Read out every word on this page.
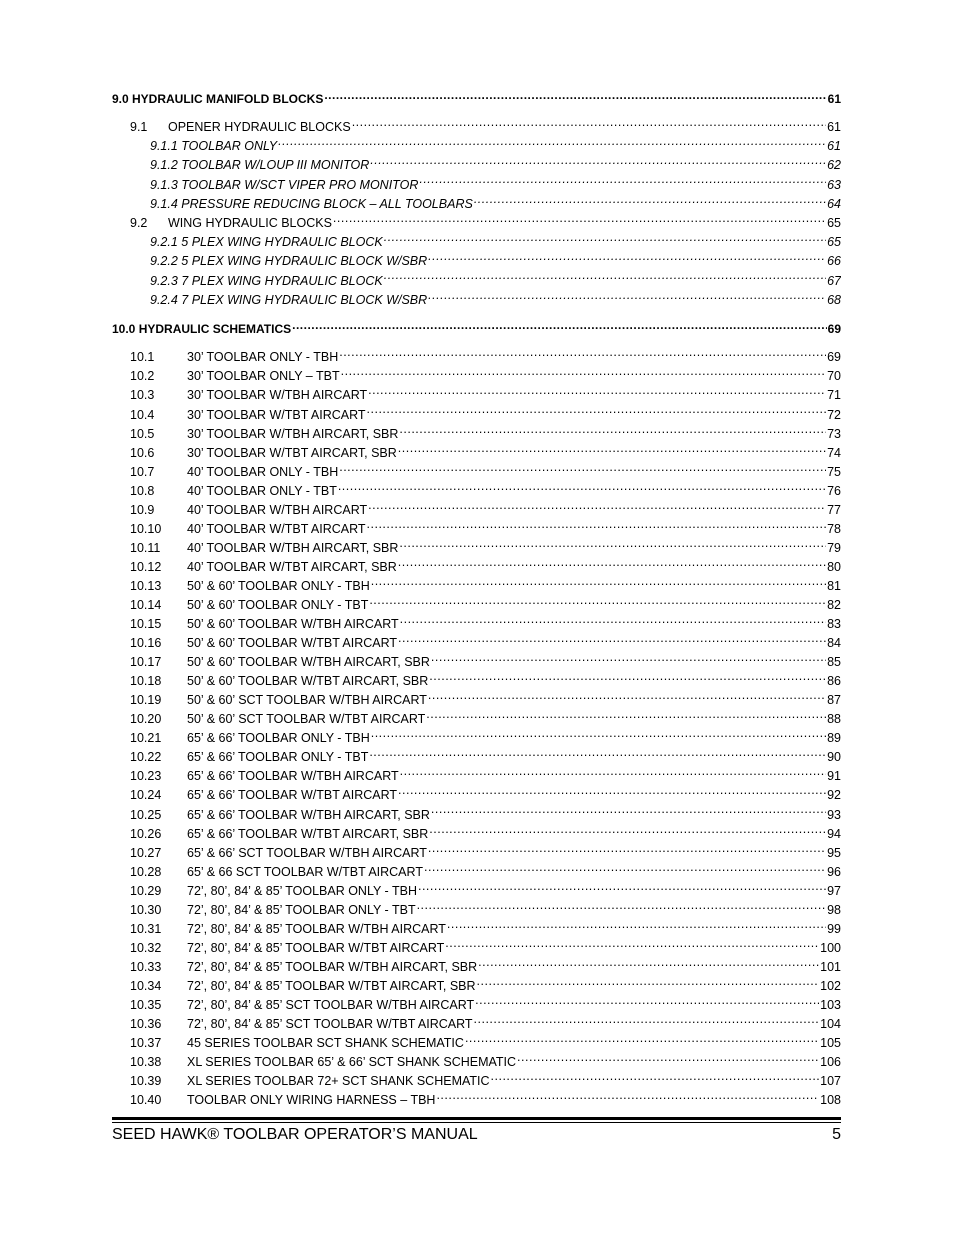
9.0 HYDRAULIC MANIFOLD BLOCKS .....	61
9.1	OPENER HYDRAULIC BLOCKS .....	61
9.1.1 TOOLBAR ONLY .....	61
9.1.2 TOOLBAR W/LOUP III MONITOR .....	62
9.1.3 TOOLBAR W/SCT VIPER PRO MONITOR .....	63
9.1.4 PRESSURE REDUCING BLOCK – ALL TOOLBARS .....	64
9.2	WING HYDRAULIC BLOCKS .....	65
9.2.1 5 PLEX WING HYDRAULIC BLOCK .....	65
9.2.2 5 PLEX WING HYDRAULIC BLOCK W/SBR .....	66
9.2.3 7 PLEX WING HYDRAULIC BLOCK .....	67
9.2.4 7 PLEX WING HYDRAULIC BLOCK W/SBR .....	68
10.0 HYDRAULIC SCHEMATICS .....	69
10.1	30’ TOOLBAR ONLY - TBH .....	69
10.2	30’ TOOLBAR ONLY – TBT .....	70
10.3	30’ TOOLBAR W/TBH AIRCART .....	71
10.4	30’ TOOLBAR W/TBT AIRCART .....	72
10.5	30’ TOOLBAR W/TBH AIRCART, SBR .....	73
10.6	30’ TOOLBAR W/TBT AIRCART, SBR .....	74
10.7	40’ TOOLBAR ONLY - TBH .....	75
10.8	40’ TOOLBAR ONLY - TBT .....	76
10.9	40’ TOOLBAR W/TBH AIRCART .....	77
10.10	40’ TOOLBAR W/TBT AIRCART .....	78
10.11	40’ TOOLBAR W/TBH AIRCART, SBR .....	79
10.12	40’ TOOLBAR W/TBT AIRCART, SBR .....	80
10.13	50’ & 60’ TOOLBAR ONLY - TBH .....	81
10.14	50’ & 60’ TOOLBAR ONLY - TBT .....	82
10.15	50’ & 60’ TOOLBAR W/TBH AIRCART .....	83
10.16	50’ & 60’ TOOLBAR W/TBT AIRCART .....	84
10.17	50’ & 60’ TOOLBAR W/TBH AIRCART, SBR .....	85
10.18	50’ & 60’ TOOLBAR W/TBT AIRCART, SBR .....	86
10.19	50’ & 60’ SCT TOOLBAR W/TBH AIRCART .....	87
10.20	50’ & 60’ SCT TOOLBAR W/TBT AIRCART .....	88
10.21	65’ & 66’ TOOLBAR ONLY - TBH .....	89
10.22	65’ & 66’ TOOLBAR ONLY - TBT .....	90
10.23	65’ & 66’ TOOLBAR W/TBH AIRCART .....	91
10.24	65’ & 66’ TOOLBAR W/TBT AIRCART .....	92
10.25	65’ & 66’ TOOLBAR W/TBH AIRCART, SBR .....	93
10.26	65’ & 66’ TOOLBAR W/TBT AIRCART, SBR .....	94
10.27	65’ & 66’ SCT TOOLBAR W/TBH AIRCART .....	95
10.28	65’ & 66 SCT TOOLBAR W/TBT AIRCART .....	96
10.29	72’, 80’, 84’ & 85’ TOOLBAR ONLY - TBH .....	97
10.30	72’, 80’, 84’ & 85’ TOOLBAR ONLY - TBT .....	98
10.31	72’, 80’, 84’ & 85’ TOOLBAR W/TBH AIRCART .....	99
10.32	72’, 80’, 84’ & 85’ TOOLBAR W/TBT AIRCART .....	100
10.33	72’, 80’, 84’ & 85’ TOOLBAR W/TBH AIRCART, SBR .....	101
10.34	72’, 80’, 84’ & 85’ TOOLBAR W/TBT AIRCART, SBR .....	102
10.35	72’, 80’, 84’ & 85’ SCT TOOLBAR W/TBH AIRCART .....	103
10.36	72’, 80’, 84’ & 85’ SCT TOOLBAR W/TBT AIRCART .....	104
10.37	45 SERIES TOOLBAR SCT SHANK SCHEMATIC .....	105
10.38	XL SERIES TOOLBAR 65’ & 66’ SCT SHANK SCHEMATIC .....	106
10.39	XL SERIES TOOLBAR 72+ SCT SHANK SCHEMATIC .....	107
10.40	TOOLBAR ONLY WIRING HARNESS – TBH .....	108
SEED HAWK® TOOLBAR OPERATOR’S MANUAL	5
